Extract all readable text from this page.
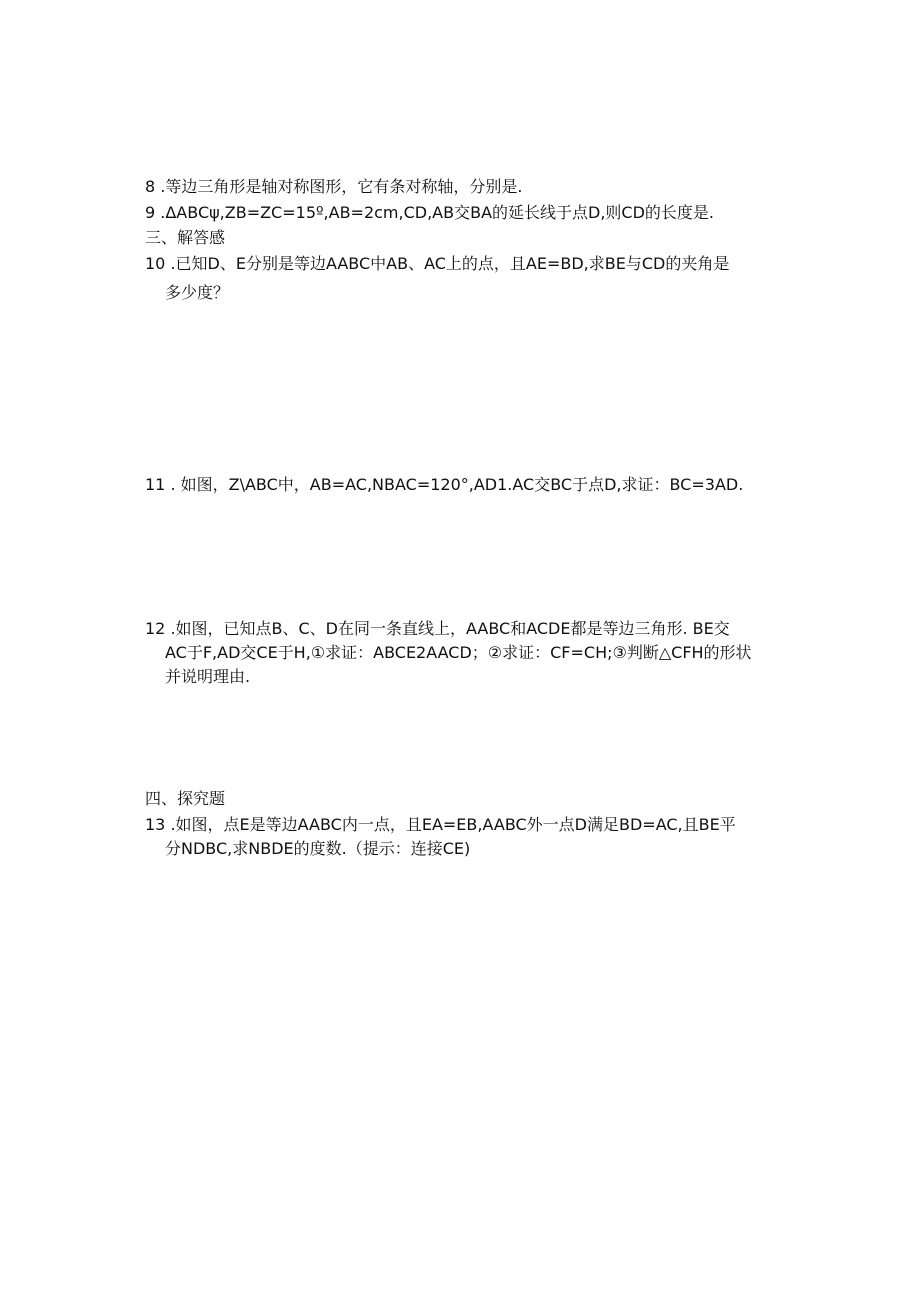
8 .等边三角形是轴对称图形，它有条对称轴，分别是.
9 .ΔABCψ,ZB=ZC=15º,AB=2cm,CD,AB交BA的延长线于点D,则CD的长度是.
三、解答感
10 .已知D、E分别是等边AABC中AB、AC上的点，且AE=BD,求BE与CD的夹角是
多少度？
11 . 如图，Z\ABC中，AB=AC,NBAC=120°,AD1.AC交BC于点D,求证：BC=3AD.
12 .如图，已知点B、C、D在同一条直线上，AABC和ACDE都是等边三角形. BE交
AC于F,AD交CE于H,①求证：ABCE2AACD；②求证：CF=CH;③判断△CFH的形状
并说明理由.
四、探究题
13 .如图，点E是等边AABC内一点，且EA=EB,AABC外一点D满足BD=AC,且BE平
分NDBC,求NBDE的度数.（提示：连接CE)
